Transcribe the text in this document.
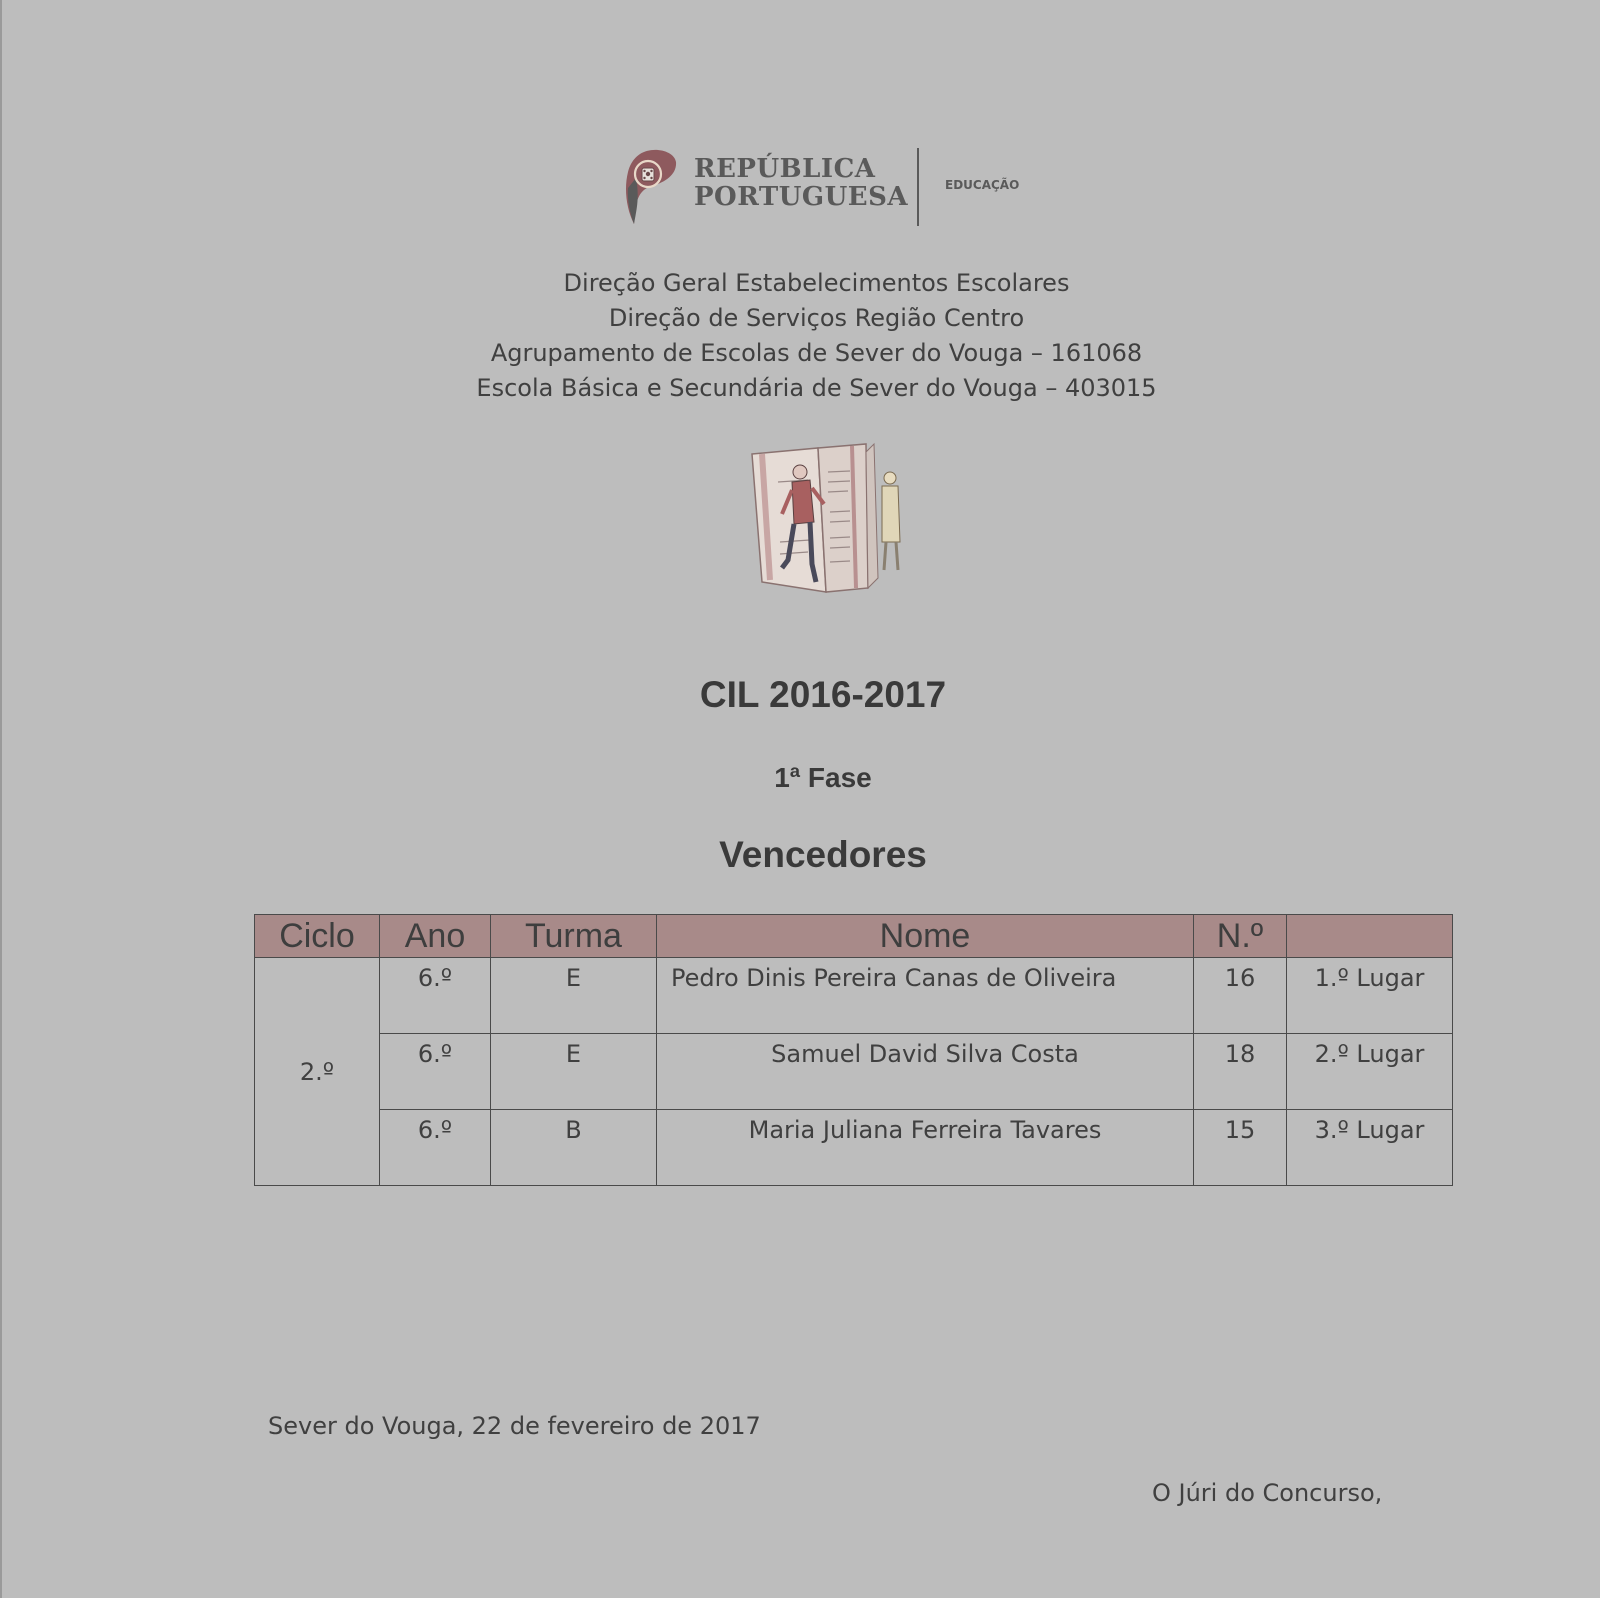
REPÚBLICA
PORTUGUESA	EDUCAÇÃO
Direção Geral Estabelecimentos Escolares
Direção de Serviços Região Centro
Agrupamento de Escolas de Sever do Vouga – 161068
Escola Básica e Secundária de Sever do Vouga – 403015
CIL 2016-2017
1ª Fase
Vencedores
Ciclo	Ano	Turma	Nome	N.º	
2.º	6.º	E	Pedro Dinis Pereira Canas de Oliveira	16	1.º Lugar
	6.º	E	Samuel David Silva Costa	18	2.º Lugar
	6.º	B	Maria Juliana Ferreira Tavares	15	3.º Lugar
Sever do Vouga, 22 de fevereiro de 2017
O Júri do Concurso,
